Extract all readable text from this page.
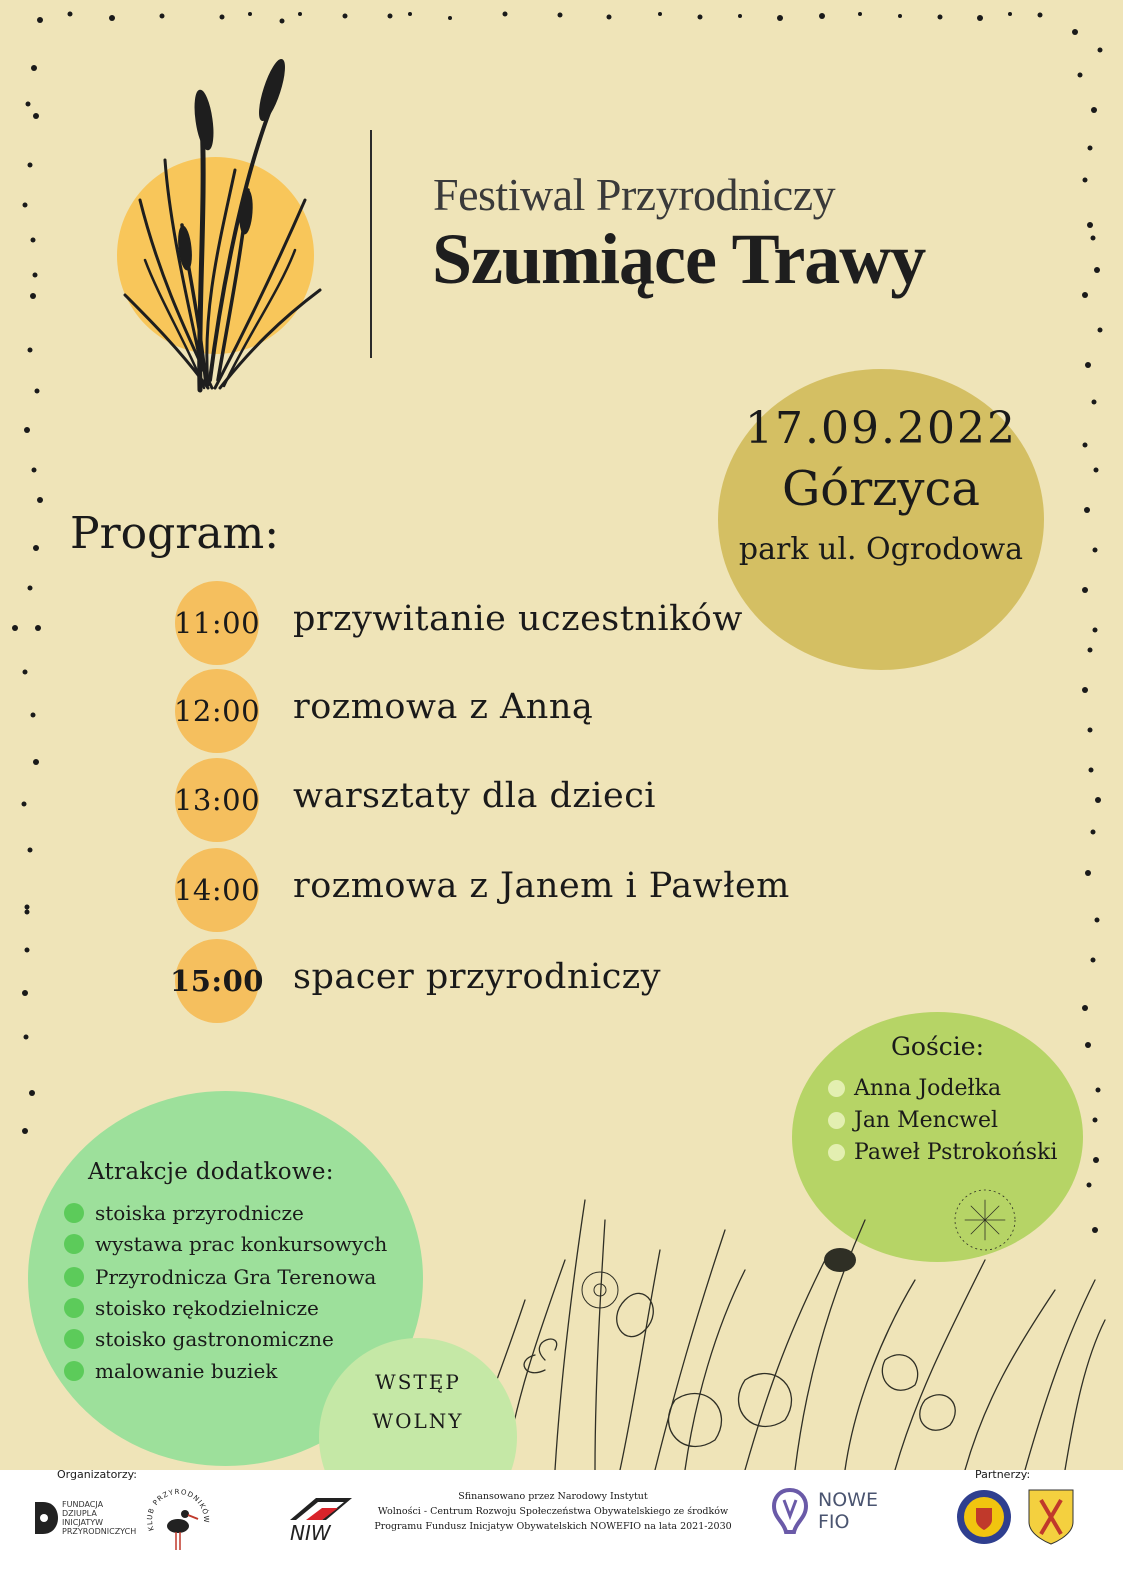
Festiwal Przyrodniczy
Szumiące Trawy
17.09.2022
Górzyca
park ul. Ogrodowa
Program:
11:00 przywitanie uczestników
12:00 rozmowa z Anną
13:00 warsztaty dla dzieci
14:00 rozmowa z Janem i Pawłem
15:00 spacer przyrodniczy
Goście:
Anna Jodełka
Jan Mencwel
Paweł Pstrokoński
Atrakcje dodatkowe:
stoiska przyrodnicze
wystawa prac konkursowych
Przyrodnicza Gra Terenowa
stoisko rękodzielnicze
stoisko gastronomiczne
malowanie buziek	WSTĘP
WOLNY
Organizatorzy:	Partnerzy:
FUNDACJA
DZIUPLA
INICJATYW
PRZYRODNICZYCH KLUB PRZYRODNIKÓW
NIW
Sfinansowano przez Narodowy Instytut
Wolności - Centrum Rozwoju Społeczeństwa Obywatelskiego ze środków
Programu Fundusz Inicjatyw Obywatelskich NOWEFIO na lata 2021-2030
NOWE
FIO
